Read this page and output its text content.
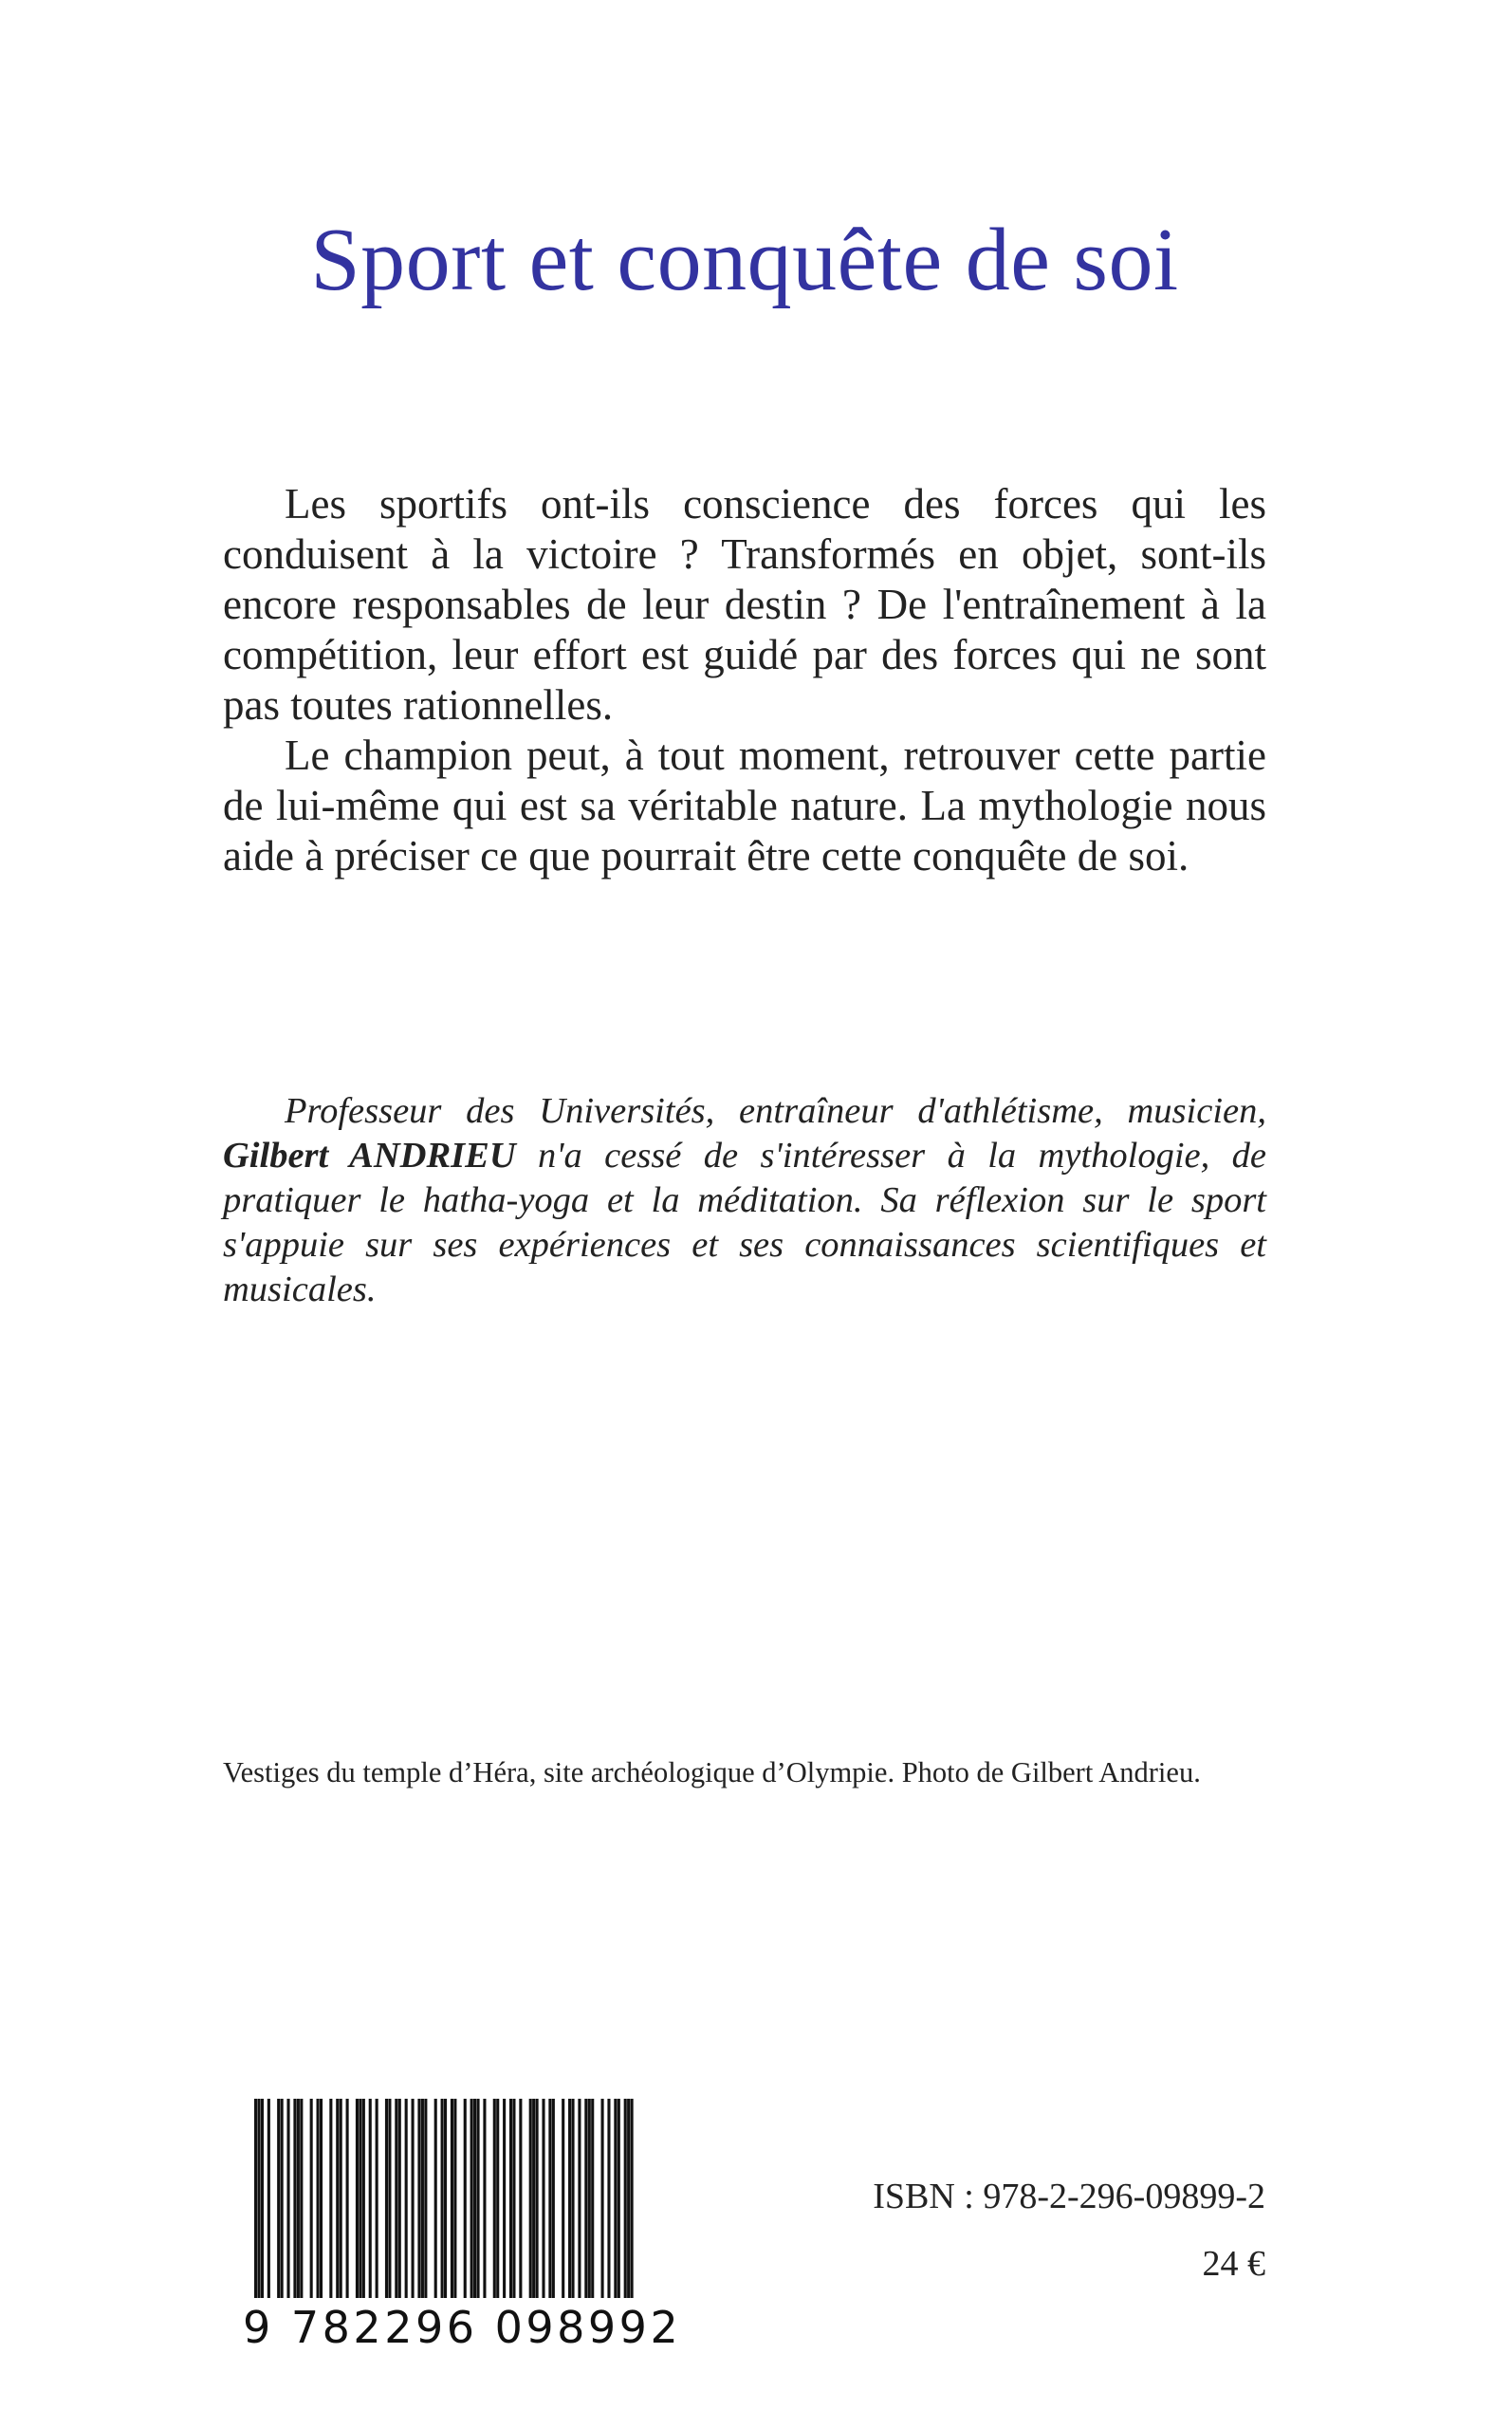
Sport et conquête de soi

Les sportifs ont-ils conscience des forces qui les conduisent à la victoire ? Transformés en objet, sont-ils encore responsables de leur destin ? De l'entraînement à la compétition, leur effort est guidé par des forces qui ne sont pas toutes rationnelles.

Le champion peut, à tout moment, retrouver cette partie de lui-même qui est sa véritable nature. La mythologie nous aide à préciser ce que pourrait être cette conquête de soi.

Professeur des Universités, entraîneur d'athlétisme, musicien, Gilbert ANDRIEU n'a cessé de s'intéresser à la mythologie, de pratiquer le hatha-yoga et la méditation. Sa réflexion sur le sport s'appuie sur ses expériences et ses connaissances scientifiques et musicales.

Vestiges du temple d’Héra, site archéologique d’Olympie. Photo de Gilbert Andrieu.

9 782296 098992
ISBN : 978-2-296-09899-2
24 €
